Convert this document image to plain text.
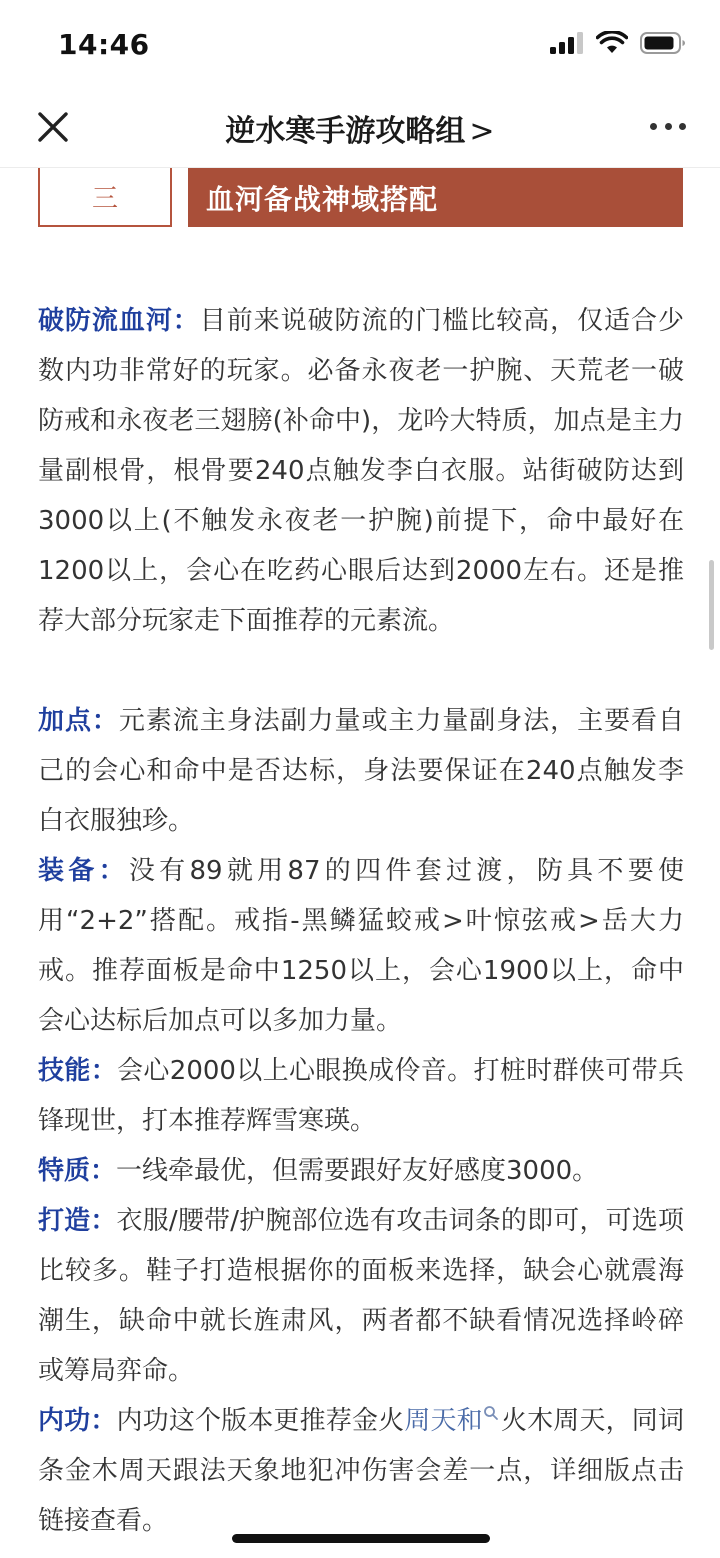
14:46
逆水寒手游攻略组 >
三	血河备战神域搭配

破防流血河：目前来说破防流的门槛比较高，仅适合少数内功非常好的玩家。必备永夜老一护腕、天荒老一破防戒和永夜老三翅膀(补命中)，龙吟大特质，加点是主力量副根骨，根骨要240点触发李白衣服。站街破防达到3000以上(不触发永夜老一护腕)前提下，命中最好在1200以上，会心在吃药心眼后达到2000左右。还是推荐大部分玩家走下面推荐的元素流。

加点：元素流主身法副力量或主力量副身法，主要看自己的会心和命中是否达标，身法要保证在240点触发李白衣服独珍。

装备：没有89就用87的四件套过渡，防具不要使用“2+2”搭配。戒指-黑鳞猛蛟戒>叶惊弦戒>岳大力戒。推荐面板是命中1250以上，会心1900以上，命中会心达标后加点可以多加力量。

技能：会心2000以上心眼换成伶音。打桩时群侠可带兵锋现世，打本推荐辉雪寒瑛。

特质：一线牵最优，但需要跟好友好感度3000。

打造：衣服/腰带/护腕部位选有攻击词条的即可，可选项比较多。鞋子打造根据你的面板来选择，缺会心就震海潮生，缺命中就长旌肃风，两者都不缺看情况选择岭碎或筹局弈命。

内功：内功这个版本更推荐金火周天和 火木周天，同词条金木周天跟法天象地犯冲伤害会差一点，详细版点击链接查看。
